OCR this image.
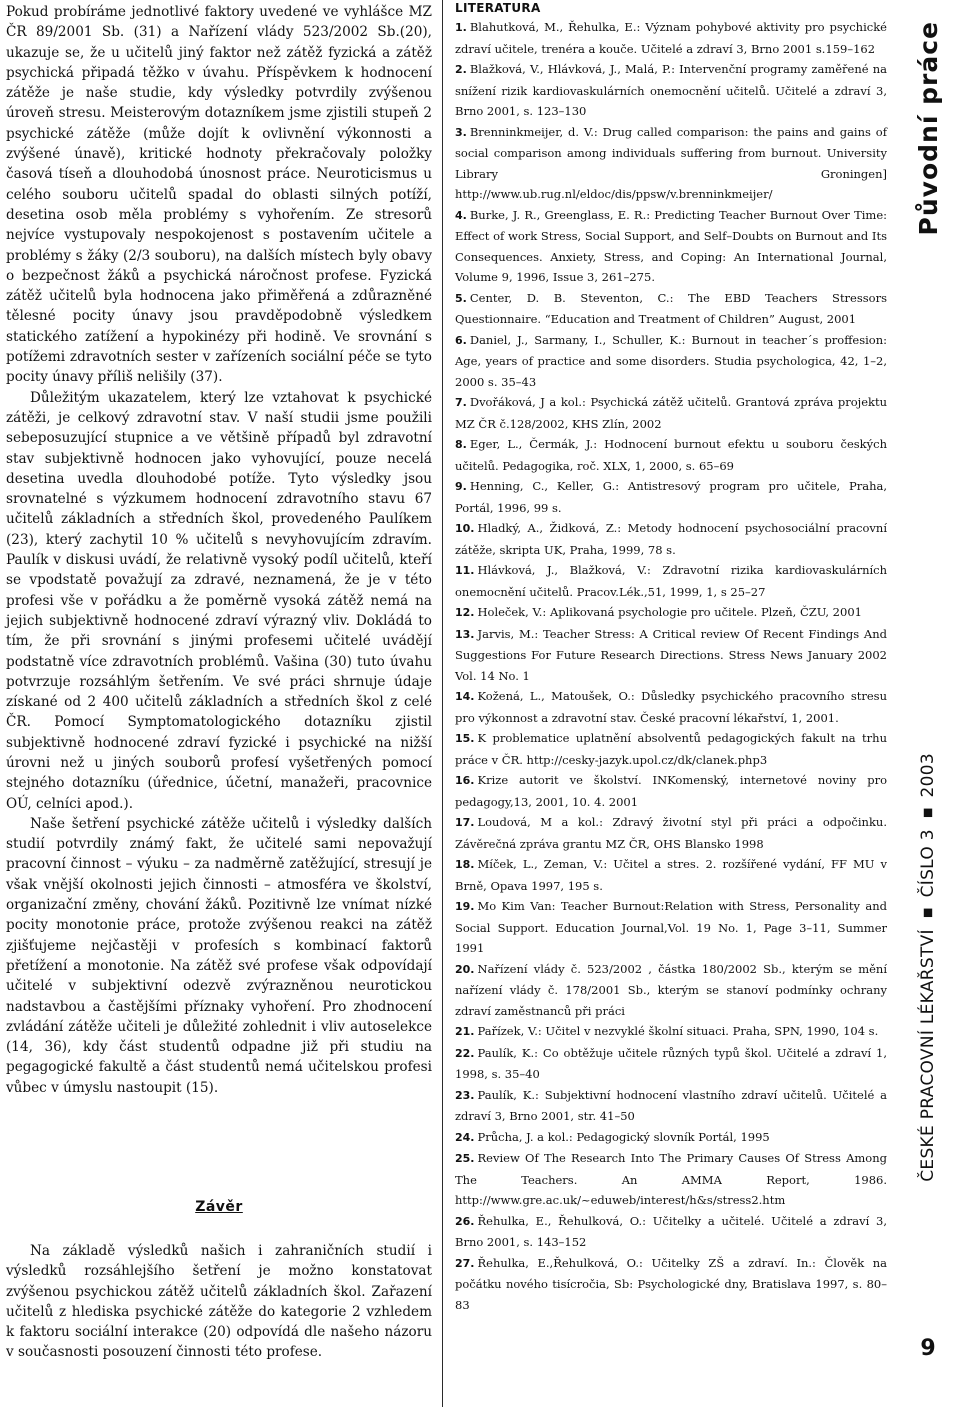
Pokud probíráme jednotlivé faktory uvedené ve vyhlášce MZ ČR 89/2001 Sb. (31) a Nařízení vlády 523/2002 Sb.(20), ukazuje se, že u učitelů jiný faktor než zátěž fyzická a zátěž psychická připadá těžko v úvahu. Příspěvkem k hodnocení zátěže je naše studie, kdy výsledky potvrdily zvýšenou úroveň stresu. Meisterovým dotazníkem jsme zjistili stupeň 2 psychické zátěže (může dojít k ovlivnění výkonnosti a zvýšené únavě), kritické hodnoty překračovaly položky časová tíseň a dlouhodobá únosnost práce. Neuroticismus u celého souboru učitelů spadal do oblasti silných potíží, desetina osob měla problémy s vyhořením. Ze stresorů nejvíce vystupovaly nespokojenost s postavením učitele a problémy s žáky (2/3 souboru), na dalších místech byly obavy o bezpečnost žáků a psychická náročnost profese. Fyzická zátěž učitelů byla hodnocena jako přiměřená a zdůrazněné tělesné pocity únavy jsou pravděpodobně výsledkem statického zatížení a hypokinézy při hodině. Ve srovnání s potížemi zdravotních sester v zařízeních sociální péče se tyto pocity únavy příliš nelišily (37).

Důležitým ukazatelem, který lze vztahovat k psychické zátěži, je celkový zdravotní stav. V naší studii jsme použili sebeposuzující stupnice a ve většině případů byl zdravotní stav subjektivně hodnocen jako vyhovující, pouze necelá desetina uvedla dlouhodobé potíže. Tyto výsledky jsou srovnatelné s výzkumem hodnocení zdravotního stavu 67 učitelů základních a středních škol, provedeného Paulíkem (23), který zachytil 10 % učitelů s nevyhovujícím zdravím. Paulík v diskusi uvádí, že relativně vysoký podíl učitelů, kteří se vpodstatě považují za zdravé, neznamená, že je v této profesi vše v pořádku a že poměrně vysoká zátěž nemá na jejich subjektivně hodnocené zdraví výrazný vliv. Dokládá to tím, že při srovnání s jinými profesemi učitelé uvádějí podstatně více zdravotních problémů. Vašina (30) tuto úvahu potvrzuje rozsáhlým šetřením. Ve své práci shrnuje údaje získané od 2 400 učitelů základních a středních škol z celé ČR. Pomocí Symptomatologického dotazníku zjistil subjektivně hodnocené zdraví fyzické i psychické na nižší úrovni než u jiných souborů profesí vyšetřených pomocí stejného dotazníku (úřednice, účetní, manažeři, pracovnice OÚ, celníci apod.).

Naše šetření psychické zátěže učitelů i výsledky dalších studií potvrdily známý fakt, že učitelé sami nepovažují pracovní činnost – výuku – za nadměrně zatěžující, stresují je však vnější okolnosti jejich činnosti – atmosféra ve školství, organizační změny, chování žáků. Pozitivně lze vnímat nízké pocity monotonie práce, protože zvýšenou reakci na zátěž zjišťujeme nejčastěji v profesích s kombinací faktorů přetížení a monotonie. Na zátěž své profese však odpovídají učitelé v subjektivní odezvě zvýrazněnou neurotickou nadstavbou a častějšími příznaky vyhoření. Pro zhodnocení zvládání zátěže učiteli je důležité zohlednit i vliv autoselekce (14, 36), kdy část studentů odpadne již při studiu na pegagogické fakultě a část studentů nemá učitelskou profesi vůbec v úmyslu nastoupit (15).

Závěr

Na základě výsledků našich i zahraničních studií i výsledků rozsáhlejšího šetření je možno konstatovat zvýšenou psychickou zátěž učitelů základních škol. Zařazení učitelů z hlediska psychické zátěže do kategorie 2 vzhledem k faktoru sociální interakce (20) odpovídá dle našeho názoru v současnosti posouzení činnosti této profese.

LITERATURA
1. Blahutková, M., Řehulka, E.: Význam pohybové aktivity pro psychické zdraví učitele, trenéra a kouče. Učitelé a zdraví 3, Brno 2001 s.159–162
2. Blažková, V., Hlávková, J., Malá, P.: Intervenční programy zaměřené na snížení rizik kardiovaskulárních onemocnění učitelů. Učitelé a zdraví 3, Brno 2001, s. 123–130
3. Brenninkmeijer, d. V.: Drug called comparison: the pains and gains of social comparison among individuals suffering from burnout. University Library Groningen] http://www.ub.rug.nl/eldoc/dis/ppsw/v.brenninkmeijer/
4. Burke, J. R., Greenglass, E. R.: Predicting Teacher Burnout Over Time: Effect of work Stress, Social Support, and Self–Doubts on Burnout and Its Consequences. Anxiety, Stress, and Coping: An International Journal, Volume 9, 1996, Issue 3, 261–275.
5. Center, D. B. Steventon, C.: The EBD Teachers Stressors Questionnaire. “Education and Treatment of Children” August, 2001
6. Daniel, J., Sarmany, I., Schuller, K.: Burnout in teacher´s proffesion: Age, years of practice and some disorders. Studia psychologica, 42, 1–2, 2000 s. 35–43
7. Dvořáková, J a kol.: Psychická zátěž učitelů. Grantová zpráva projektu MZ ČR č.128/2002, KHS Zlín, 2002
8. Eger, L., Čermák, J.: Hodnocení burnout efektu u souboru českých učitelů. Pedagogika, roč. XLX, 1, 2000, s. 65–69
9. Henning, C., Keller, G.: Antistresový program pro učitele, Praha, Portál, 1996, 99 s.
10. Hladký, A., Židková, Z.: Metody hodnocení psychosociální pracovní zátěže, skripta UK, Praha, 1999, 78 s.
11. Hlávková, J., Blažková, V.: Zdravotní rizika kardiovaskulárních onemocnění učitelů. Pracov.Lék.,51, 1999, 1, s 25–27
12. Holeček, V.: Aplikovaná psychologie pro učitele. Plzeň, ČZU, 2001
13. Jarvis, M.: Teacher Stress: A Critical review Of Recent Findings And Suggestions For Future Research Directions. Stress News January 2002 Vol. 14 No. 1
14. Kožená, L., Matoušek, O.: Důsledky psychického pracovního stresu pro výkonnost a zdravotní stav. České pracovní lékařství, 1, 2001.
15. K problematice uplatnění absolventů pedagogických fakult na trhu práce v ČR. http://cesky-jazyk.upol.cz/dk/clanek.php3
16. Krize autorit ve školství. INKomenský, internetové noviny pro pedagogy,13, 2001, 10. 4. 2001
17. Loudová, M a kol.: Zdravý životní styl při práci a odpočinku. Závěrečná zpráva grantu MZ ČR, OHS Blansko 1998
18. Míček, L., Zeman, V.: Učitel a stres. 2. rozšířené vydání, FF MU v Brně, Opava 1997, 195 s.
19. Mo Kim Van: Teacher Burnout:Relation with Stress, Personality and Social Support. Education Journal,Vol. 19 No. 1, Page 3–11, Summer 1991
20. Nařízení vlády č. 523/2002 , částka 180/2002 Sb., kterým se mění nařízení vlády č. 178/2001 Sb., kterým se stanoví podmínky ochrany zdraví zaměstnanců při práci
21. Pařízek, V.: Učitel v nezvyklé školní situaci. Praha, SPN, 1990, 104 s.
22. Paulík, K.: Co obtěžuje učitele různých typů škol. Učitelé a zdraví 1, 1998, s. 35–40
23. Paulík, K.: Subjektivní hodnocení vlastního zdraví učitelů. Učitelé a zdraví 3, Brno 2001, str. 41–50
24. Průcha, J. a kol.: Pedagogický slovník Portál, 1995
25. Review Of The Research Into The Primary Causes Of Stress Among The Teachers. An AMMA Report, 1986. http://www.gre.ac.uk/~eduweb/interest/h&s/stress2.htm
26. Řehulka, E., Řehulková, O.: Učitelky a učitelé. Učitelé a zdraví 3, Brno 2001, s. 143–152
27. Řehulka, E.,Řehulková, O.: Učitelky ZŠ a zdraví. In.: Člověk na počátku nového tisícročia, Sb: Psychologické dny, Bratislava 1997, s. 80–83
Původní práce
ČESKÉ PRACOVNÍ LÉKAŘSTVÍ ▪ ČÍSLO 3 ▪ 2003
9
